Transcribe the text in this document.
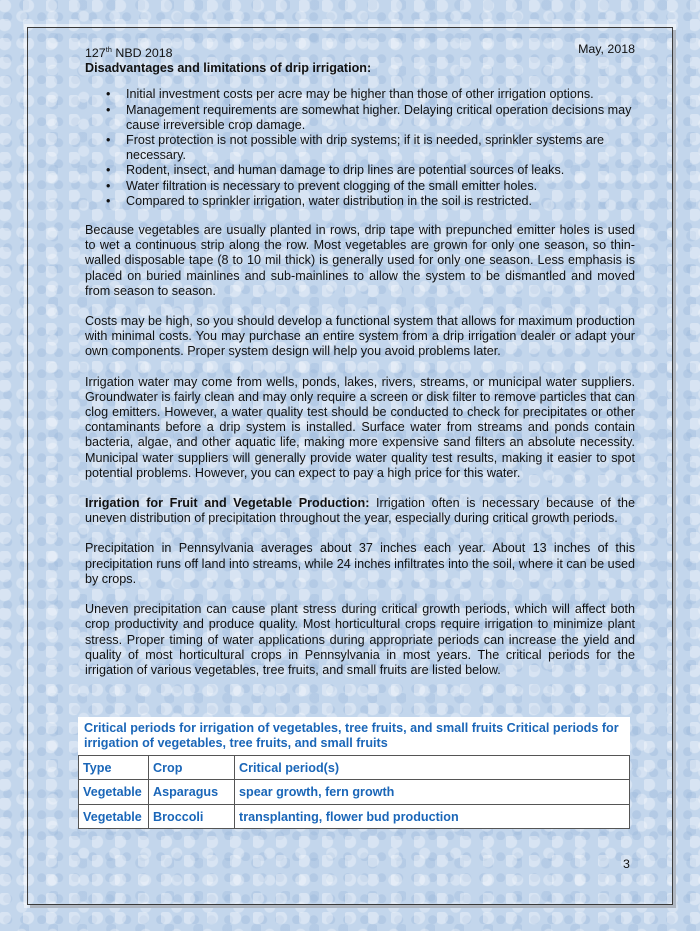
127th NBD 2018	May, 2018
Disadvantages and limitations of drip irrigation:
• Initial investment costs per acre may be higher than those of other irrigation options.
• Management requirements are somewhat higher. Delaying critical operation decisions may cause irreversible crop damage.
• Frost protection is not possible with drip systems; if it is needed, sprinkler systems are necessary.
• Rodent, insect, and human damage to drip lines are potential sources of leaks.
• Water filtration is necessary to prevent clogging of the small emitter holes.
• Compared to sprinkler irrigation, water distribution in the soil is restricted.

Because vegetables are usually planted in rows, drip tape with prepunched emitter holes is used to wet a continuous strip along the row. Most vegetables are grown for only one season, so thin-walled disposable tape (8 to 10 mil thick) is generally used for only one season. Less emphasis is placed on buried mainlines and sub-mainlines to allow the system to be dismantled and moved from season to season.

Costs may be high, so you should develop a functional system that allows for maximum production with minimal costs. You may purchase an entire system from a drip irrigation dealer or adapt your own components. Proper system design will help you avoid problems later.

Irrigation water may come from wells, ponds, lakes, rivers, streams, or municipal water suppliers. Groundwater is fairly clean and may only require a screen or disk filter to remove particles that can clog emitters. However, a water quality test should be conducted to check for precipitates or other contaminants before a drip system is installed. Surface water from streams and ponds contain bacteria, algae, and other aquatic life, making more expensive sand filters an absolute necessity. Municipal water suppliers will generally provide water quality test results, making it easier to spot potential problems. However, you can expect to pay a high price for this water.

Irrigation for Fruit and Vegetable Production: Irrigation often is necessary because of the uneven distribution of precipitation throughout the year, especially during critical growth periods.

Precipitation in Pennsylvania averages about 37 inches each year. About 13 inches of this precipitation runs off land into streams, while 24 inches infiltrates into the soil, where it can be used by crops.

Uneven precipitation can cause plant stress during critical growth periods, which will affect both crop productivity and produce quality. Most horticultural crops require irrigation to minimize plant stress. Proper timing of water applications during appropriate periods can increase the yield and quality of most horticultural crops in Pennsylvania in most years. The critical periods for the irrigation of various vegetables, tree fruits, and small fruits are listed below.

Critical periods for irrigation of vegetables, tree fruits, and small fruits Critical periods for irrigation of vegetables, tree fruits, and small fruits
Type	Crop	Critical period(s)
Vegetable	Asparagus	spear growth, fern growth
Vegetable	Broccoli	transplanting, flower bud production
3
